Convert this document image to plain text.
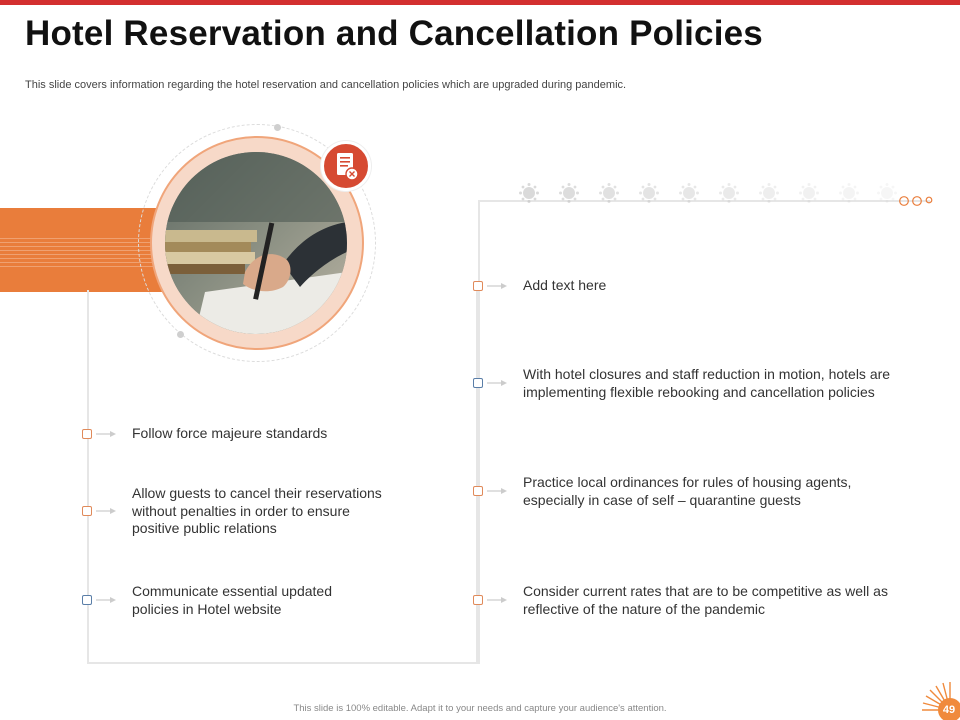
Hotel Reservation and Cancellation Policies
This slide covers information regarding the hotel reservation and cancellation policies which are upgraded during pandemic.
Follow force majeure standards
Allow guests to cancel their reservations
without penalties in order to ensure
positive public relations
Communicate essential updated
policies in Hotel website
Add text here
With hotel closures and staff reduction in motion, hotels are
implementing flexible rebooking and cancellation policies
Practice local ordinances for rules of housing agents,
especially in case of self – quarantine guests
Consider current rates that are to be competitive as well as
reflective of the nature of the pandemic
This slide is 100% editable. Adapt it to your needs and capture your audience's attention.	49
